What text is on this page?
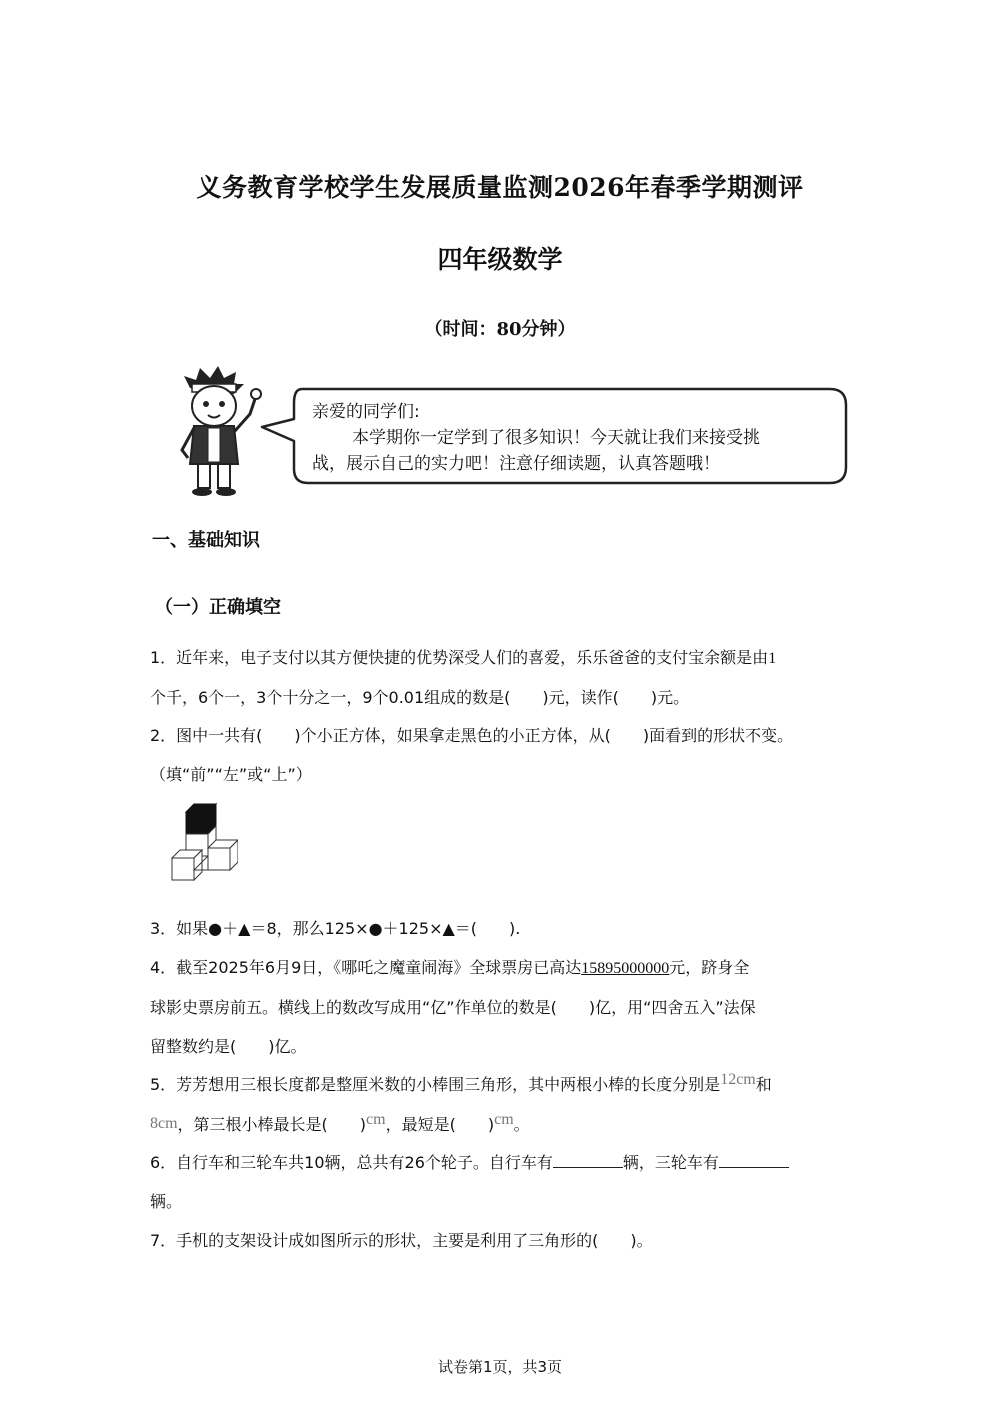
义务教育学校学生发展质量监测2026年春季学期测评
四年级数学
（时间：80分钟）
亲爱的同学们:
本学期你一定学到了很多知识！今天就让我们来接受挑
战，展示自己的实力吧！注意仔细读题，认真答题哦！
一、基础知识
（一）正确填空
1．近年来，电子支付以其方便快捷的优势深受人们的喜爱，乐乐爸爸的支付宝余额是由1
个千，6个一，3个十分之一，9个0.01组成的数是(　　)元，读作(　　)元。
2．图中一共有(　　)个小正方体，如果拿走黑色的小正方体，从(　　)面看到的形状不变。
（填“前”“左”或“上”）
3．如果●＋▲＝8，那么125×●＋125×▲＝(　　).
4．截至2025年6月9日，《哪吒之魔童闹海》全球票房已高达15895000000元，跻身全
球影史票房前五。横线上的数改写成用“亿”作单位的数是(　　)亿，用“四舍五入”法保
留整数约是(　　)亿。
5．芳芳想用三根长度都是整厘米数的小棒围三角形，其中两根小棒的长度分别是12cm和
8cm，第三根小棒最长是(　　)cm，最短是(　　)cm。
6．自行车和三轮车共10辆，总共有26个轮子。自行车有	辆，三轮车有
辆。
7．手机的支架设计成如图所示的形状，主要是利用了三角形的(　　)。
试卷第1页，共3页
